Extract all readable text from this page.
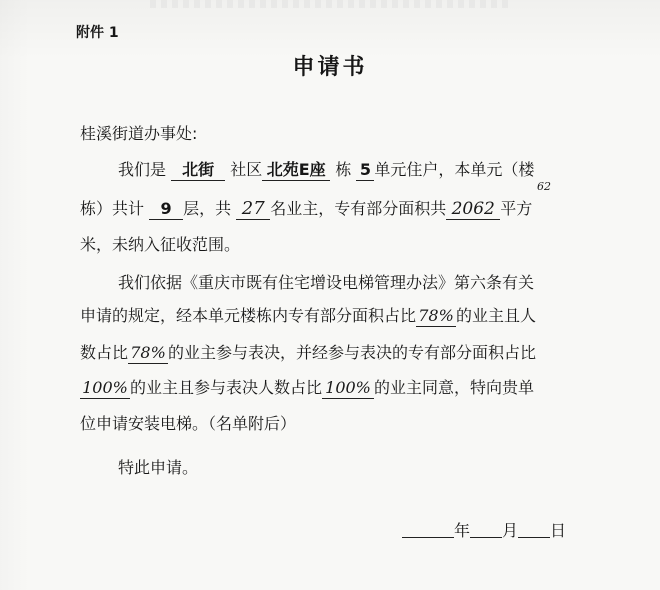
附件 1
申请书
桂溪街道办事处:
我们是 北街 社区 北苑E座 栋 5 单元住户，本单元（楼
栋）共计 9 层，共 27 名业主，专有部分面积共 2062 平方
62
米，未纳入征收范围。
我们依据《重庆市既有住宅增设电梯管理办法》第六条有关
申请的规定，经本单元楼栋内专有部分面积占比 78% 的业主且人
数占比 78% 的业主参与表决，并经参与表决的专有部分面积占比
100% 的业主且参与表决人数占比 100% 的业主同意，特向贵单
位申请安装电梯。（名单附后）
特此申请。
年 月 日
